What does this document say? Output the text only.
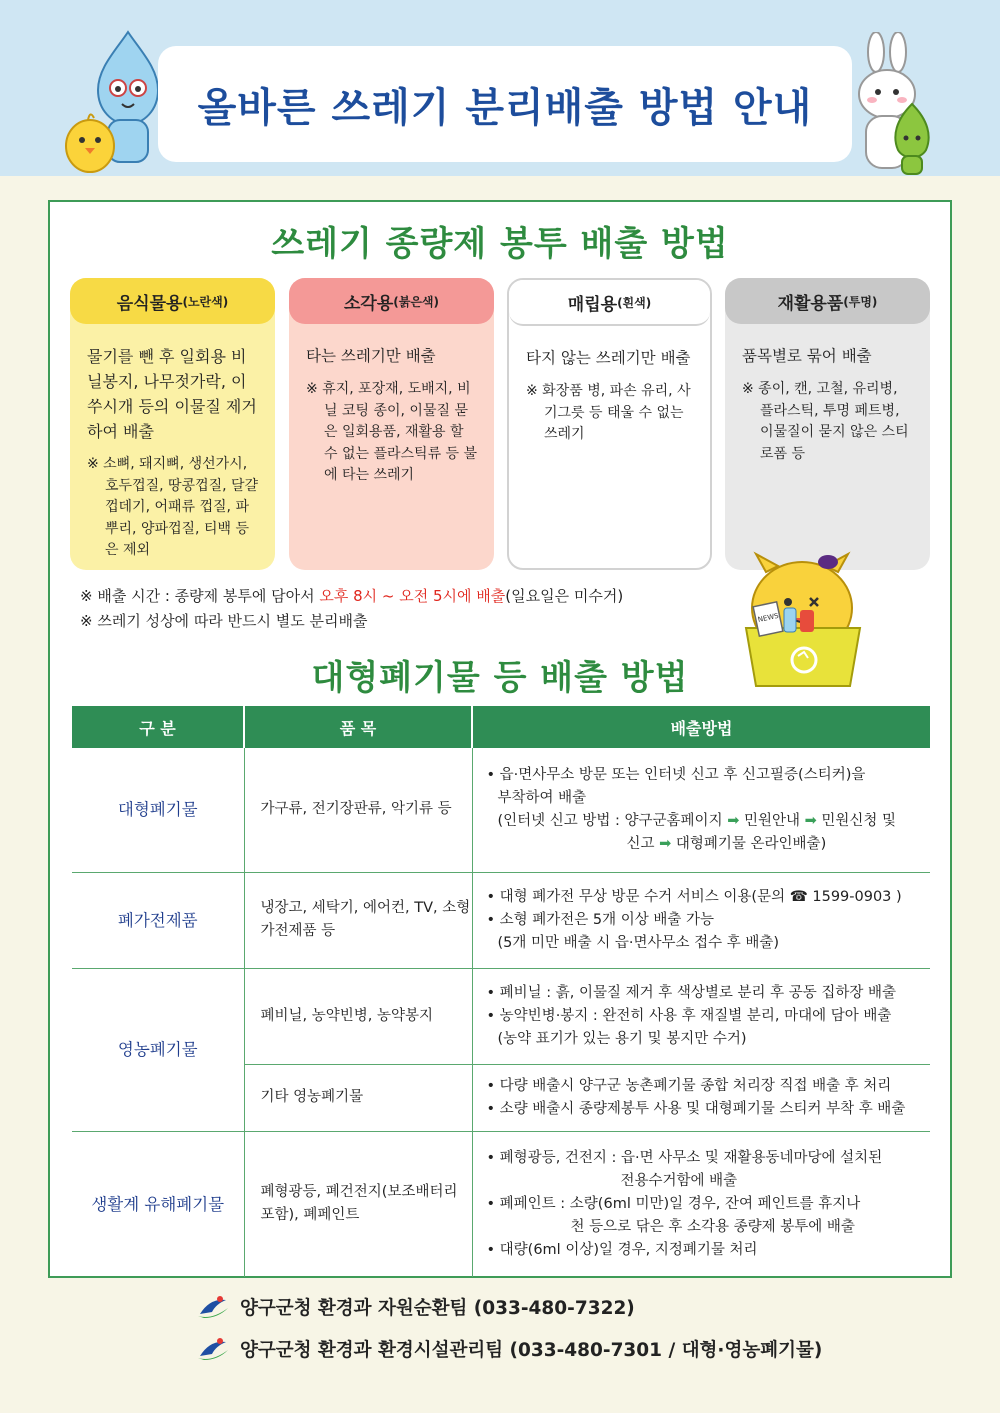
올바른 쓰레기 분리배출 방법 안내
쓰레기 종량제 봉투 배출 방법
음식물용 (노란색)
물기를 뺀 후 일회용 비닐봉지, 나무젓가락, 이쑤시개 등의 이물질 제거하여 배출
※ 소뼈, 돼지뼈, 생선가시, 호두껍질, 땅콩껍질, 달걀 껍데기, 어패류 껍질, 파뿌리, 양파껍질, 티백 등은 제외
소각용 (붉은색)
타는 쓰레기만 배출
※ 휴지, 포장재, 도배지, 비닐 코팅 종이, 이물질 묻은 일회용품, 재활용 할 수 없는 플라스틱류 등 불에 타는 쓰레기
매립용 (흰색)
타지 않는 쓰레기만 배출
※ 화장품 병, 파손 유리, 사기그릇 등 태울 수 없는 쓰레기
재활용품 (투명)
품목별로 묶어 배출
※ 종이, 캔, 고철, 유리병, 플라스틱, 투명 페트병, 이물질이 묻지 않은 스티로폼 등
※ 배출 시간 : 종량제 봉투에 담아서 오후 8시 ~ 오전 5시에 배출(일요일은 미수거)
※ 쓰레기 성상에 따라 반드시 별도 분리배출	NEWS
대형폐기물 등 배출 방법
구 분	품 목	배출방법
대형폐기물	가구류, 전기장판류, 악기류 등	• 읍·면사무소 방문 또는 인터넷 신고 후 신고필증(스티커)을

부착하여 배출
(인터넷 신고 방법 : 양구군홈페이지 ➡ 민원안내 ➡ 민원신청 및
신고 ➡ 대형폐기물 온라인배출)

폐가전제품	냉장고, 세탁기, 에어컨, TV, 소형가전제품 등	• 대형 폐가전 무상 방문 수거 서비스 이용(문의 ☎ 1599-0903 )

• 소형 폐가전은 5개 이상 배출 가능

(5개 미만 배출 시 읍·면사무소 접수 후 배출)

영농폐기물	폐비닐, 농약빈병, 농약봉지	• 폐비닐 : 흙, 이물질 제거 후 색상별로 분리 후 공동 집하장 배출

• 농약빈병·봉지 : 완전히 사용 후 재질별 분리, 마대에 담아 배출

(농약 표기가 있는 용기 및 봉지만 수거)

	기타 영농폐기물	• 다량 배출시 양구군 농촌폐기물 종합 처리장 직접 배출 후 처리

• 소량 배출시 종량제봉투 사용 및 대형폐기물 스티커 부착 후 배출

생활계 유해폐기물	폐형광등, 폐건전지(보조배터리 포함), 폐페인트	• 폐형광등, 건전지 : 읍·면 사무소 및 재활용동네마당에 설치된

전용수거함에 배출

• 폐페인트 : 소량(6ml 미만)일 경우, 잔여 페인트를 휴지나

천 등으로 닦은 후 소각용 종량제 봉투에 배출

• 대량(6ml 이상)일 경우, 지정폐기물 처리

양구군청 환경과 자원순환팀 (033-480-7322)
양구군청 환경과 환경시설관리팀 (033-480-7301 / 대형·영농폐기물)
